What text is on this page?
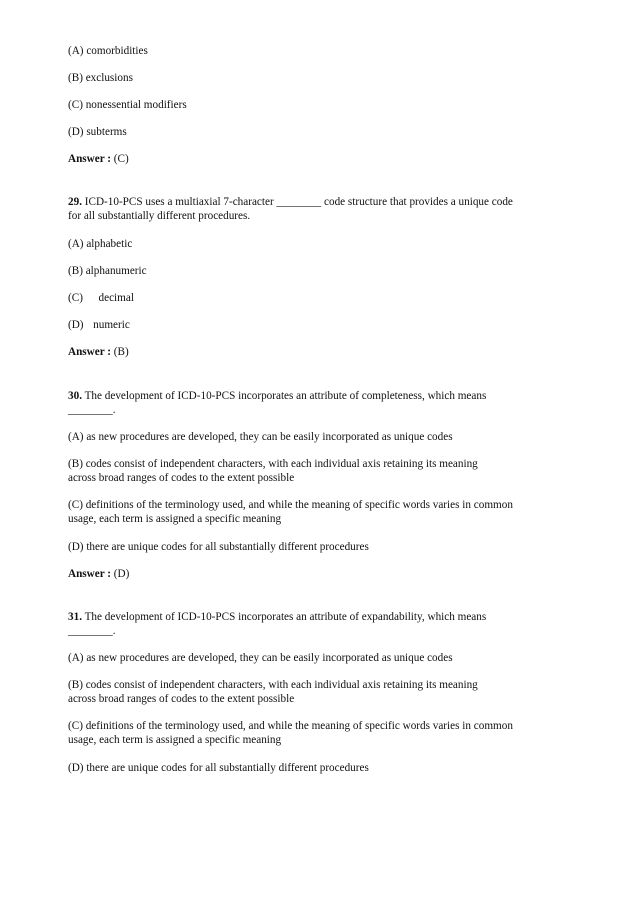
(A) comorbidities
(B) exclusions
(C) nonessential modifiers
(D) subterms
Answer : (C)
29. ICD-10-PCS uses a multiaxial 7-character ________ code structure that provides a unique code
for all substantially different procedures.
(A) alphabetic
(B) alphanumeric
(C) decimal
(D) numeric
Answer : (B)
30. The development of ICD-10-PCS incorporates an attribute of completeness, which means
________.
(A) as new procedures are developed, they can be easily incorporated as unique codes
(B) codes consist of independent characters, with each individual axis retaining its meaning
across broad ranges of codes to the extent possible
(C) definitions of the terminology used, and while the meaning of specific words varies in common
usage, each term is assigned a specific meaning
(D) there are unique codes for all substantially different procedures
Answer : (D)
31. The development of ICD-10-PCS incorporates an attribute of expandability, which means
________.
(A) as new procedures are developed, they can be easily incorporated as unique codes
(B) codes consist of independent characters, with each individual axis retaining its meaning
across broad ranges of codes to the extent possible
(C) definitions of the terminology used, and while the meaning of specific words varies in common
usage, each term is assigned a specific meaning
(D) there are unique codes for all substantially different procedures
